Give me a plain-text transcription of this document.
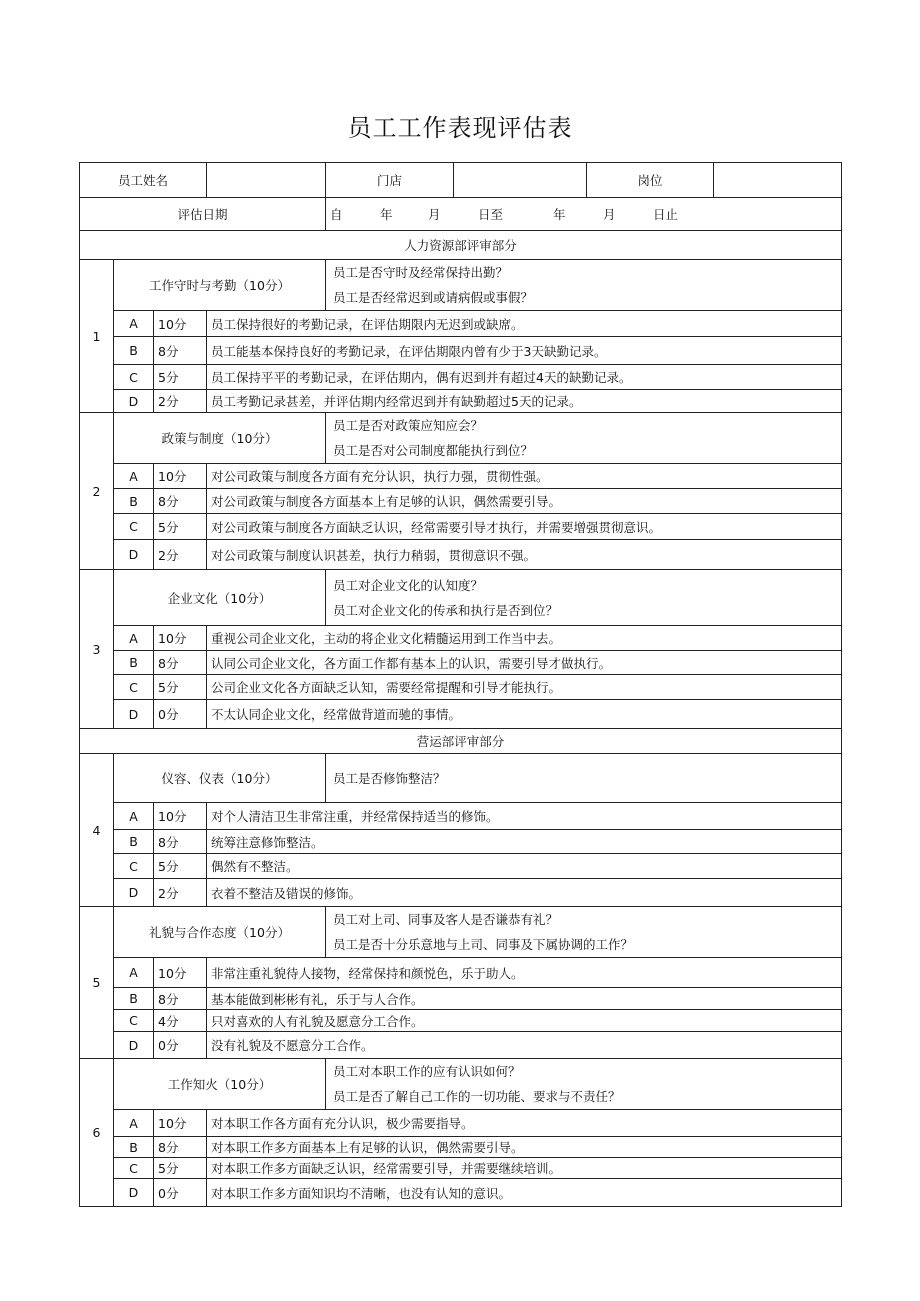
员工工作表现评估表
员工姓名				门店		岗位	
评估日期				自 年 月 日至 年 月 日止			
人力资源部评审部分							
1	工作守时与考勤（10分）			员工是否守时及经常保持出勤？
员工是否经常迟到或请病假或事假？			

	A	10分	员工保持很好的考勤记录，在评估期限内无迟到或缺席。				
	B	8分	员工能基本保持良好的考勤记录，在评估期限内曾有少于3天缺勤记录。				
	C	5分	员工保持平平的考勤记录，在评估期内，偶有迟到并有超过4天的缺勤记录。				
	D	2分	员工考勤记录甚差，并评估期内经常迟到并有缺勤超过5天的记录。				
2	政策与制度（10分）			员工是否对政策应知应会？
员工是否对公司制度都能执行到位？			

	A	10分	对公司政策与制度各方面有充分认识，执行力强，贯彻性强。				
	B	8分	对公司政策与制度各方面基本上有足够的认识，偶然需要引导。				
	C	5分	对公司政策与制度各方面缺乏认识，经常需要引导才执行，并需要增强贯彻意识。				
	D	2分	对公司政策与制度认识甚差，执行力稍弱，贯彻意识不强。				
3	企业文化（10分）			员工对企业文化的认知度？
员工对企业文化的传承和执行是否到位？			

	A	10分	重视公司企业文化，主动的将企业文化精髓运用到工作当中去。				
	B	8分	认同公司企业文化，各方面工作都有基本上的认识，需要引导才做执行。				
	C	5分	公司企业文化各方面缺乏认知，需要经常提醒和引导才能执行。				
	D	0分	不太认同企业文化，经常做背道而驰的事情。				
营运部评审部分							
4	仪容、仪表（10分）			员工是否修饰整洁？			

	A	10分	对个人清洁卫生非常注重，并经常保持适当的修饰。				
	B	8分	统筹注意修饰整洁。				
	C	5分	偶然有不整洁。				
	D	2分	衣着不整洁及错误的修饰。				
5	礼貌与合作态度（10分）			员工对上司、同事及客人是否谦恭有礼？
员工是否十分乐意地与上司、同事及下属协调的工作？			

	A	10分	非常注重礼貌待人接物，经常保持和颜悦色，乐于助人。				
	B	8分	基本能做到彬彬有礼，乐于与人合作。				
	C	4分	只对喜欢的人有礼貌及愿意分工合作。				
	D	0分	没有礼貌及不愿意分工合作。				
6	工作知火（10分）			员工对本职工作的应有认识如何？
员工是否了解自己工作的一切功能、要求与不责任？			

	A	10分	对本职工作各方面有充分认识，极少需要指导。				
	B	8分	对本职工作多方面基本上有足够的认识，偶然需要引导。				
	C	5分	对本职工作多方面缺乏认识，经常需要引导，并需要继续培训。				
	D	0分	对本职工作多方面知识均不清晰，也没有认知的意识。				
